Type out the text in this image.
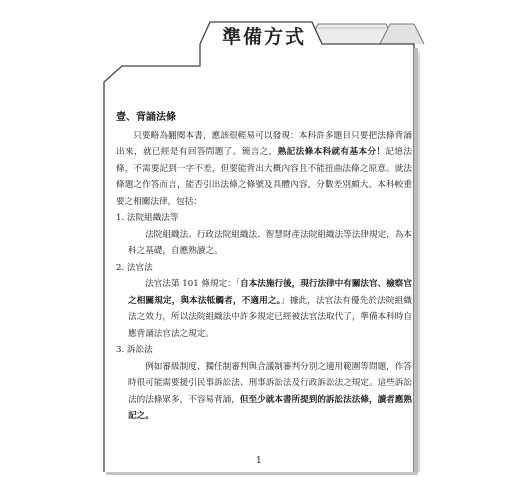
準備方式
壹、背誦法條

只要略為翻閱本書，應該很輕易可以發現：本科許多題目只要把法條背誦出來，就已經是有回答問題了。簡言之，熟記法條本科就有基本分！記憶法條，不需要記到一字不差，但要能背出大概內容且不能扭曲法條之原意。就法條題之作答而言，能否引出法條之條號及具體內容，分數差別頗大。本科較重要之相關法律，包括：

1. 法院組織法等

法院組織法、行政法院組織法、智慧財產法院組織法等法律規定，為本科之基礎，自應熟讀之。

2. 法官法

法官法第 101 條規定：「自本法施行後，現行法律中有關法官、檢察官之相關規定，與本法牴觸者，不適用之。」據此，法官法有優先於法院組織法之效力，所以法院組織法中許多規定已經被法官法取代了，準備本科時自應背誦法官法之規定。

3. 訴訟法

例如審級制度、獨任制審判與合議制審判分別之適用範圍等問題，作答時很可能需要援引民事訴訟法、刑事訴訟法及行政訴訟法之規定。這些訴訟法的法條眾多，不容易背誦，但至少就本書所提到的訴訟法法條，讀者應熟記之。

1
